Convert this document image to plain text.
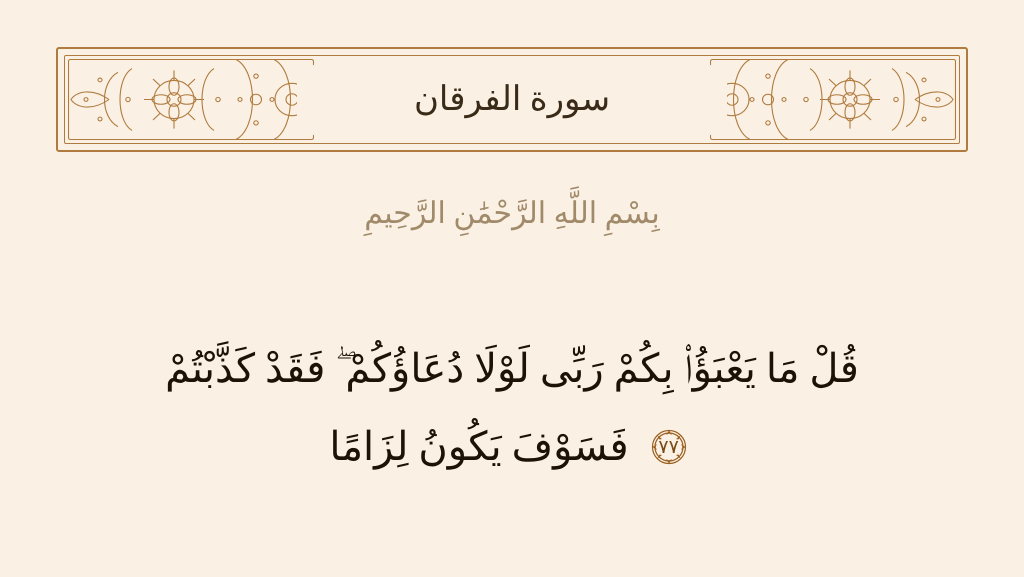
سورة الفرقان
بِسْمِ اللَّهِ الرَّحْمَٰنِ الرَّحِيمِ
قُلْ مَا يَعْبَؤُا۟ بِكُمْ رَبِّى لَوْلَا دُعَاؤُكُمْ ۖ فَقَدْ كَذَّبْتُمْ
٧٧
فَسَوْفَ يَكُونُ لِزَامًا
